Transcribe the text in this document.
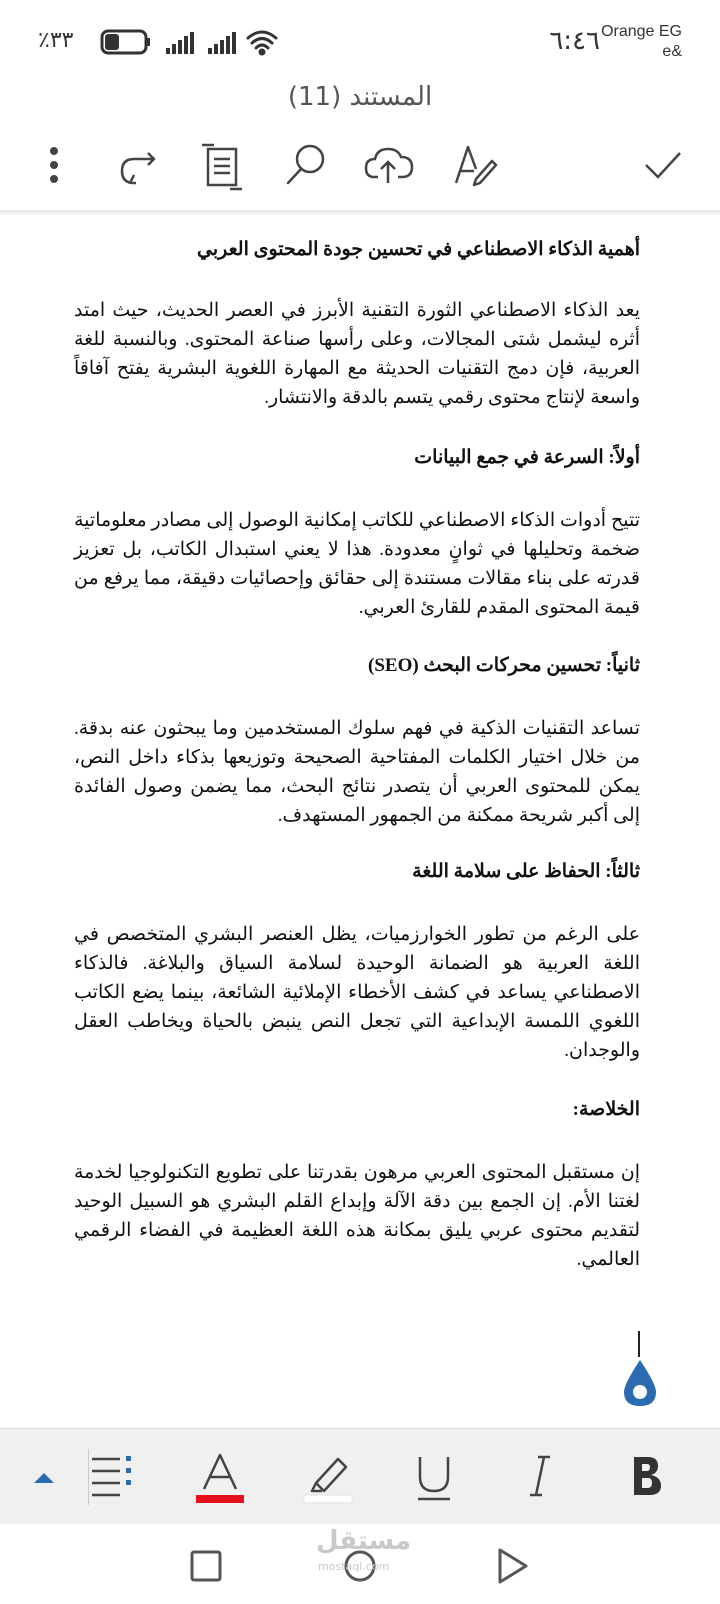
Orange EG
e&
٦:٤٦
٪٣٣
المستند (11)
أهمية الذكاء الاصطناعي في تحسين جودة المحتوى العربي
يعد الذكاء الاصطناعي الثورة التقنية الأبرز في العصر الحديث، حيث امتد أثره ليشمل شتى المجالات، وعلى رأسها صناعة المحتوى. وبالنسبة للغة العربية، فإن دمج التقنيات الحديثة مع المهارة اللغوية البشرية يفتح آفاقاً واسعة لإنتاج محتوى رقمي يتسم بالدقة والانتشار.
أولاً: السرعة في جمع البيانات
تتيح أدوات الذكاء الاصطناعي للكاتب إمكانية الوصول إلى مصادر معلوماتية ضخمة وتحليلها في ثوانٍ معدودة. هذا لا يعني استبدال الكاتب، بل تعزيز قدرته على بناء مقالات مستندة إلى حقائق وإحصائيات دقيقة، مما يرفع من قيمة المحتوى المقدم للقارئ العربي.
ثانياً: تحسين محركات البحث (SEO)
تساعد التقنيات الذكية في فهم سلوك المستخدمين وما يبحثون عنه بدقة. من خلال اختيار الكلمات المفتاحية الصحيحة وتوزيعها بذكاء داخل النص، يمكن للمحتوى العربي أن يتصدر نتائج البحث، مما يضمن وصول الفائدة إلى أكبر شريحة ممكنة من الجمهور المستهدف.
ثالثاً: الحفاظ على سلامة اللغة
على الرغم من تطور الخوارزميات، يظل العنصر البشري المتخصص في اللغة العربية هو الضمانة الوحيدة لسلامة السياق والبلاغة. فالذكاء الاصطناعي يساعد في كشف الأخطاء الإملائية الشائعة، بينما يضع الكاتب اللغوي اللمسة الإبداعية التي تجعل النص ينبض بالحياة ويخاطب العقل والوجدان.
الخلاصة:
إن مستقبل المحتوى العربي مرهون بقدرتنا على تطويع التكنولوجيا لخدمة لغتنا الأم. إن الجمع بين دقة الآلة وإبداع القلم البشري هو السبيل الوحيد لتقديم محتوى عربي يليق بمكانة هذه اللغة العظيمة في الفضاء الرقمي العالمي.
مستقل
mostaql.com
